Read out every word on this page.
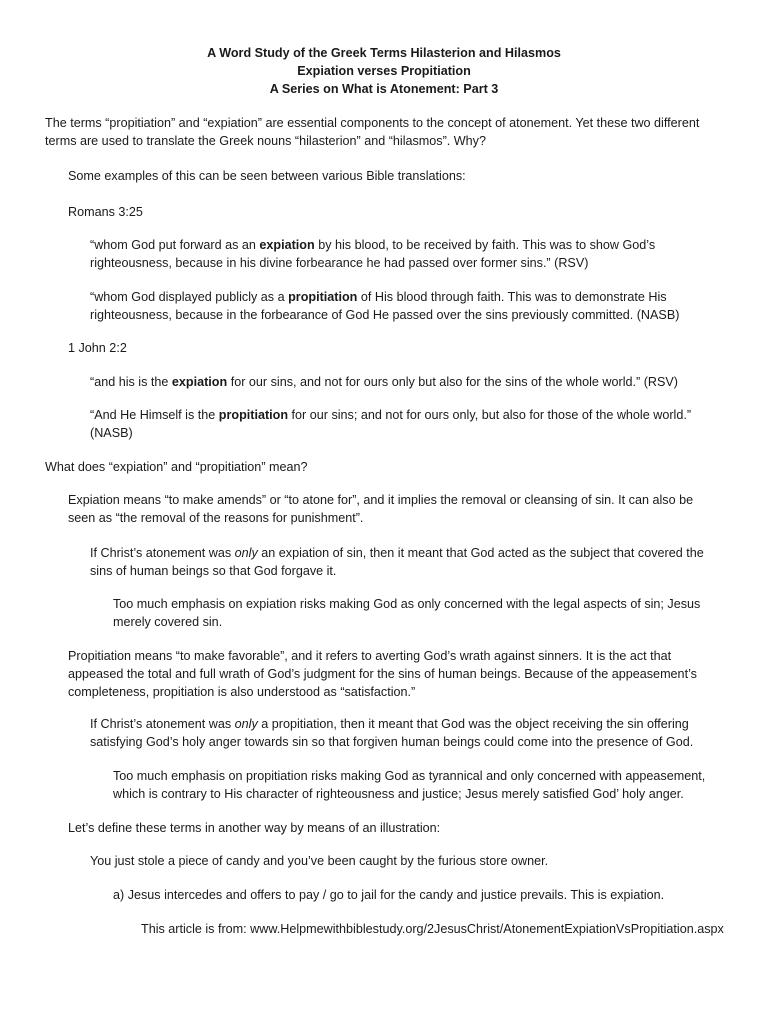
A Word Study of the Greek Terms Hilasterion and Hilasmos
Expiation verses Propitiation
A Series on What is Atonement: Part 3
The terms “propitiation” and “expiation” are essential components to the concept of atonement. Yet these two different
terms are used to translate the Greek nouns “hilasterion” and “hilasmos”. Why?
Some examples of this can be seen between various Bible translations:
Romans 3:25
“whom God put forward as an expiation by his blood, to be received by faith. This was to show God’s
righteousness, because in his divine forbearance he had passed over former sins.” (RSV)
“whom God displayed publicly as a propitiation of His blood through faith. This was to demonstrate His
righteousness, because in the forbearance of God He passed over the sins previously committed. (NASB)
1 John 2:2
“and his is the expiation for our sins, and not for ours only but also for the sins of the whole world.” (RSV)
“And He Himself is the propitiation for our sins; and not for ours only, but also for those of the whole world.”
(NASB)
What does “expiation” and “propitiation” mean?
Expiation means “to make amends” or “to atone for”, and it implies the removal or cleansing of sin. It can also be
seen as “the removal of the reasons for punishment”.
If Christ’s atonement was only an expiation of sin, then it meant that God acted as the subject that covered the
sins of human beings so that God forgave it.
Too much emphasis on expiation risks making God as only concerned with the legal aspects of sin; Jesus
merely covered sin.
Propitiation means “to make favorable”, and it refers to averting God’s wrath against sinners. It is the act that
appeased the total and full wrath of God’s judgment for the sins of human beings. Because of the appeasement’s
completeness, propitiation is also understood as “satisfaction.”
If Christ’s atonement was only a propitiation, then it meant that God was the object receiving the sin offering
satisfying God’s holy anger towards sin so that forgiven human beings could come into the presence of God.
Too much emphasis on propitiation risks making God as tyrannical and only concerned with appeasement,
which is contrary to His character of righteousness and justice; Jesus merely satisfied God’ holy anger.
Let’s define these terms in another way by means of an illustration:
You just stole a piece of candy and you’ve been caught by the furious store owner.
a) Jesus intercedes and offers to pay / go to jail for the candy and justice prevails. This is expiation.
This article is from: www.Helpmewithbiblestudy.org/2JesusChrist/AtonementExpiationVsPropitiation.aspx
